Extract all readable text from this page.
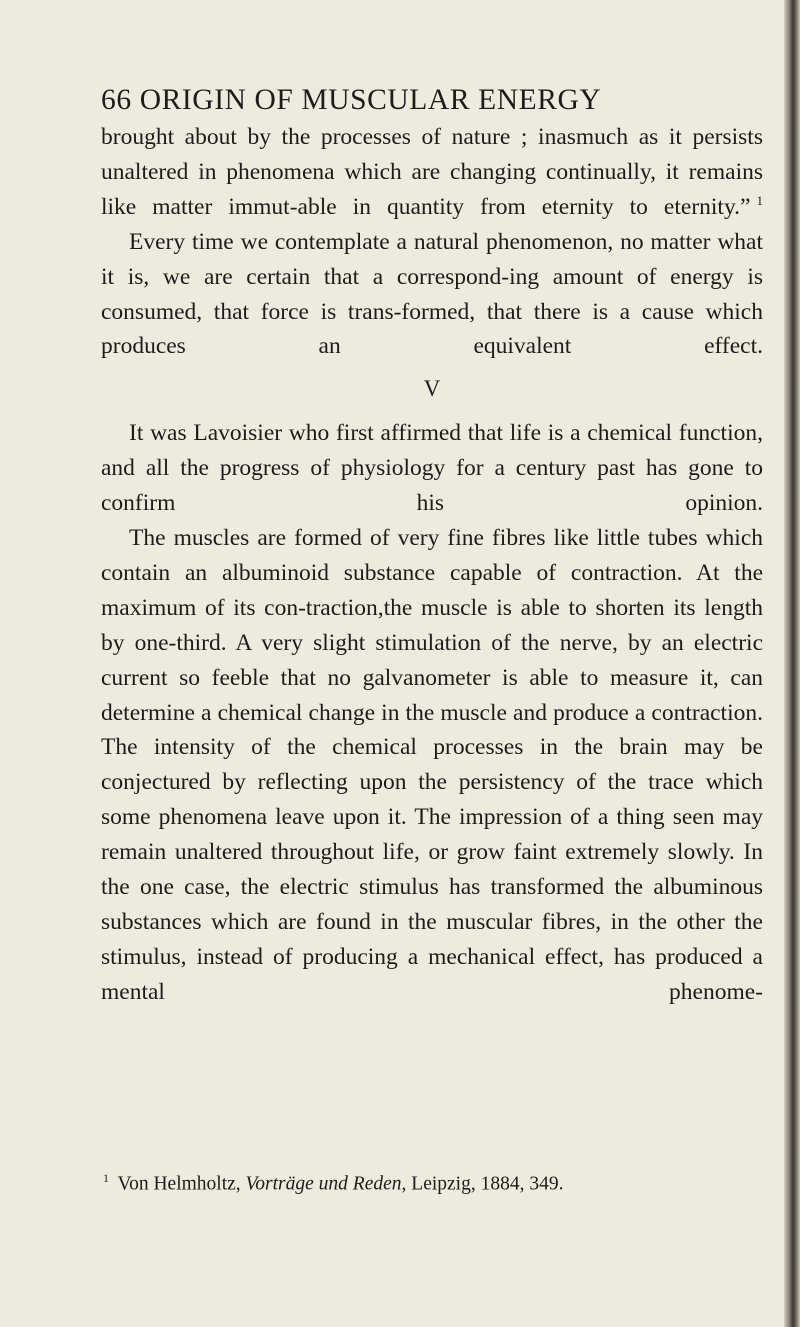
66 ORIGIN OF MUSCULAR ENERGY

brought about by the processes of nature ; inasmuch as it persists unaltered in phenomena which are changing continually, it remains like matter immut-able in quantity from eternity to eternity.” $^1$

Every time we contemplate a natural phenomenon, no matter what it is, we are certain that a correspond-ing amount of energy is consumed, that force is trans-formed, that there is a cause which produces an equivalent effect.

V

It was Lavoisier who first affirmed that life is a chemical function, and all the progress of physiology for a century past has gone to confirm his opinion.

The muscles are formed of very fine fibres like little tubes which contain an albuminoid substance capable of contraction. At the maximum of its con-traction,the muscle is able to shorten its length by one-third. A very slight stimulation of the nerve, by an electric current so feeble that no galvanometer is able to measure it, can determine a chemical change in the muscle and produce a contraction. The intensity of the chemical processes in the brain may be conjectured by reflecting upon the persistency of the trace which some phenomena leave upon it. The impression of a thing seen may remain unaltered throughout life, or grow faint extremely slowly. In the one case, the electric stimulus has transformed the albuminous substances which are found in the muscular fibres, in the other the stimulus, instead of producing a mechanical effect, has produced a mental phenome-

$^1$ Von Helmholtz, Vorträge und Reden, Leipzig, 1884, 349.
